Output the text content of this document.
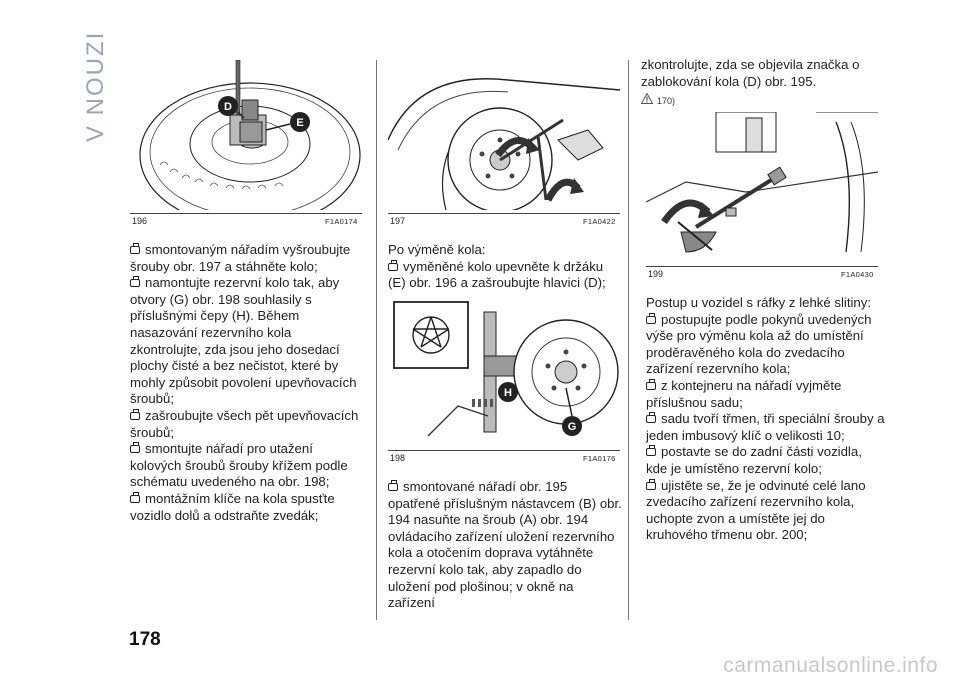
V NOUZI
178
D
E
196	F1A0174

smontovaným nářadím vyšroubujte šrouby obr. 197 a stáhněte kolo;

namontujte rezervní kolo tak, aby otvory (G) obr. 198 souhlasily s příslušnými čepy (H). Během nasazování rezervního kola zkontrolujte, zda jsou jeho dosedací plochy čisté a bez nečistot, které by mohly způsobit povolení upevňovacích šroubů;

zašroubujte všech pět upevňovacích šroubů;

smontujte nářadí pro utažení kolových šroubů šrouby křížem podle schématu uvedeného na obr. 198;

montážním klíče na kola spusťte vozidlo dolů a odstraňte zvedák;

197	F1A0422

Po výměně kola:

vyměněné kolo upevněte k držáku (E) obr. 196 a zašroubujte hlavici (D);

H
G
198	F1A0176

smontované nářadí obr. 195 opatřené příslušným nástavcem (B) obr. 194 nasuňte na šroub (A) obr. 194 ovládacího zařízení uložení rezervního kola a otočením doprava vytáhněte rezervní kolo tak, aby zapadlo do uložení pod plošinou; v okně na zařízení

zkontrolujte, zda se objevila značka o zablokování kola (D) obr. 195.

170)

199	F1A0430

Postup u vozidel s ráfky z lehké slitiny:

postupujte podle pokynů uvedených výše pro výměnu kola až do umístění proděravěného kola do zvedacího zařízení rezervního kola;

z kontejneru na nářadí vyjměte příslušnou sadu;

sadu tvoří třmen, tři speciální šrouby a jeden imbusový klíč o velikosti 10;

postavte se do zadní části vozidla, kde je umístěno rezervní kolo;

ujistěte se, že je odvinuté celé lano zvedacího zařízení rezervního kola, uchopte zvon a umístěte jej do kruhového třmenu obr. 200;

carmanualsonline.info
